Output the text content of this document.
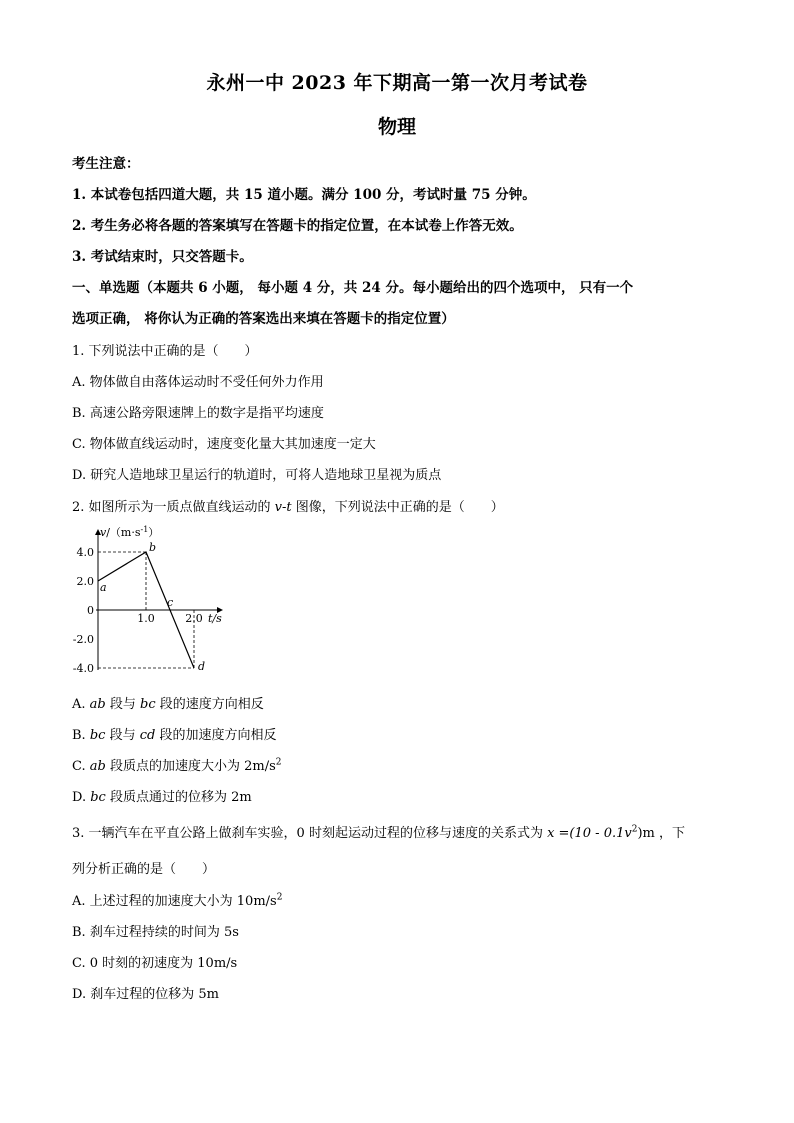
永州一中 2023 年下期高一第一次月考试卷
物理
考生注意：
1. 本试卷包括四道大题，共 15 道小题。满分 100 分，考试时量 75 分钟。
2. 考生务必将各题的答案填写在答题卡的指定位置，在本试卷上作答无效。
3. 考试结束时，只交答题卡。
一、单选题（本题共 6 小题， 每小题 4 分，共 24 分。每小题给出的四个选项中， 只有一个
选项正确， 将你认为正确的答案选出来填在答题卡的指定位置）
1. 下列说法中正确的是（　　）
A. 物体做自由落体运动时不受任何外力作用
B. 高速公路旁限速牌上的数字是指平均速度
C. 物体做直线运动时，速度变化量大其加速度一定大
D. 研究人造地球卫星运行的轨道时，可将人造地球卫星视为质点
2. 如图所示为一质点做直线运动的 v-t 图像，下列说法中正确的是（　　）
4.0
2.0
0
-2.0
-4.0
1.0	2.0
a
b
c
d
$v/(m\cdot s^{-1})$
t/s
A. ab 段与 bc 段的速度方向相反
B. bc 段与 cd 段的加速度方向相反
C. ab 段质点的加速度大小为 $2m/s^2$
D. bc 段质点通过的位移为 2m
3. 一辆汽车在平直公路上做刹车实验，0 时刻起运动过程的位移与速度的关系式为 $x =(10 - 0.1v^2)m$ ，下
列分析正确的是（　　）
A. 上述过程的加速度大小为 $10m/s^2$
B. 刹车过程持续的时间为 5s
C. 0 时刻的初速度为 10m/s
D. 刹车过程的位移为 5m
